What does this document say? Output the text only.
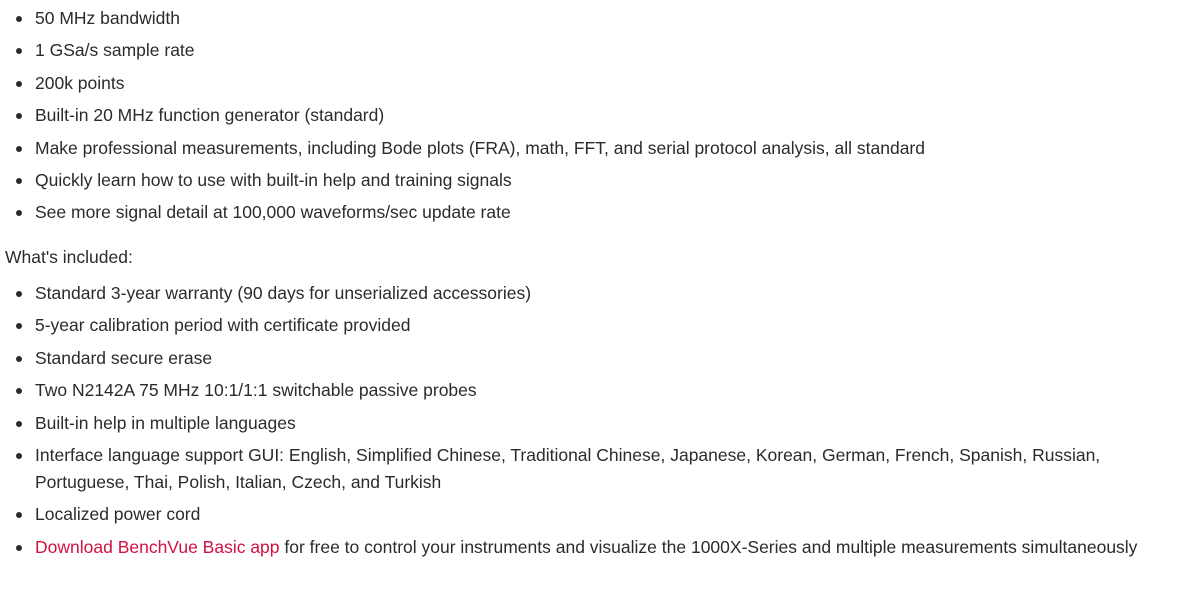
50 MHz bandwidth
1 GSa/s sample rate
200k points
Built-in 20 MHz function generator (standard)
Make professional measurements, including Bode plots (FRA), math, FFT, and serial protocol analysis, all standard
Quickly learn how to use with built-in help and training signals
See more signal detail at 100,000 waveforms/sec update rate
What's included:
Standard 3-year warranty (90 days for unserialized accessories)
5-year calibration period with certificate provided
Standard secure erase
Two N2142A 75 MHz 10:1/1:1 switchable passive probes
Built-in help in multiple languages
Interface language support GUI: English, Simplified Chinese, Traditional Chinese, Japanese, Korean, German, French, Spanish, Russian, Portuguese, Thai, Polish, Italian, Czech, and Turkish
Localized power cord
Download BenchVue Basic app for free to control your instruments and visualize the 1000X-Series and multiple measurements simultaneously
